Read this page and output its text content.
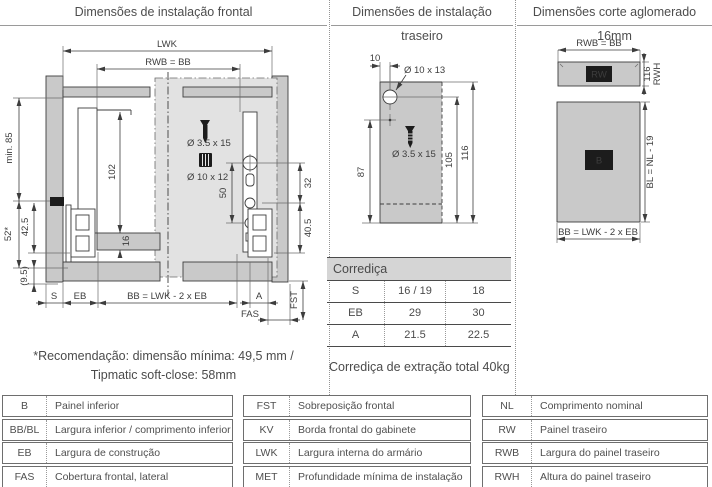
Dimensões de instalação frontal	Dimensões de instalação traseiro
Dimensões corte aglomerado 16mm
LWK
RWB = BB
min. 85
52* 42.5
(9.5)
102
16
Ø 3.5 x 15
Ø 10 x 12
50
32
40.5
FST
S EB	BB = LWK - 2 x EB	A
FAS
*Recomendação: dimensão mínima: 49,5 mm /
Tipmatic soft-close: 58mm
10
Ø 10 x 13
Ø 3.5 x 15
87
105 116
RWB = BB
RW	116 RWH
B	BL = NL - 19
BB = LWK - 2 x EB
Corrediça
S	16 / 19	18
EB	29	30
A	21.5	22.5
Corrediça de extração total 40kg
B	Painel inferior
BB/BL	Largura inferior / comprimento inferior
EB	Largura de construção
FAS	Cobertura frontal, lateral
FST	Sobreposição frontal
KV	Borda frontal do gabinete
LWK	Largura interna do armário
MET	Profundidade mínima de instalação
NL	Comprimento nominal
RW	Painel traseiro
RWB	Largura do painel traseiro
RWH	Altura do painel traseiro
